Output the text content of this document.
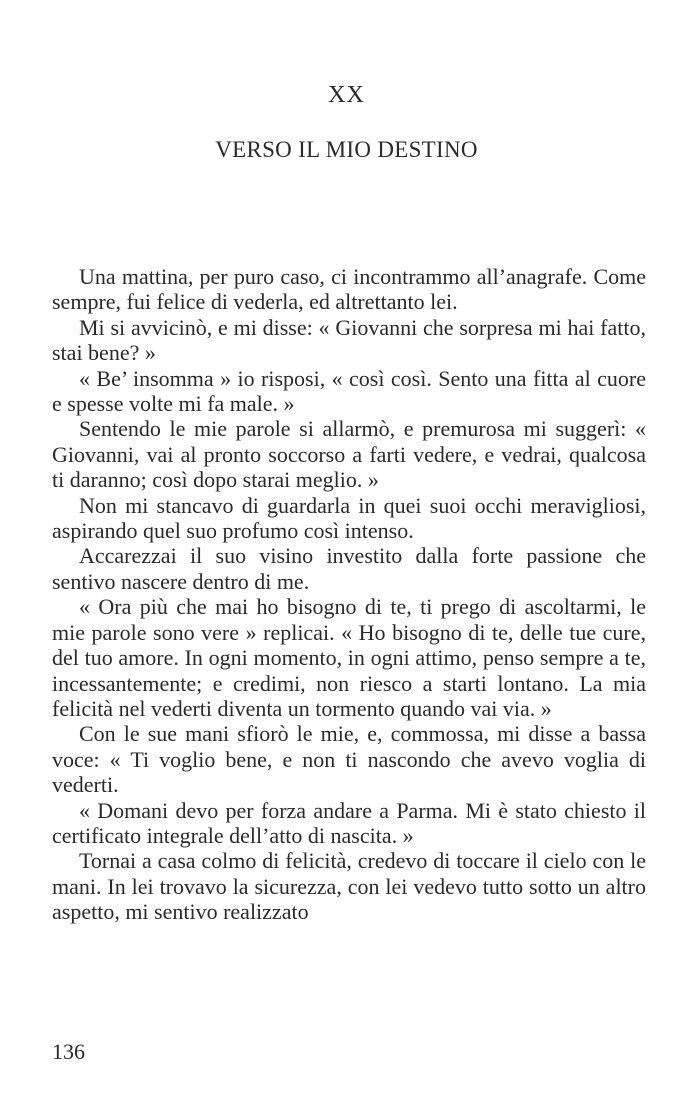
XX
VERSO IL MIO DESTINO

Una mattina, per puro caso, ci incontrammo all’anagrafe. Come sempre, fui felice di vederla, ed altrettanto lei.

Mi si avvicinò, e mi disse: « Giovanni che sorpresa mi hai fatto, stai bene? »

« Be’ insomma » io risposi, « così così. Sento una fitta al cuore e spesse volte mi fa male. »

Sentendo le mie parole si allarmò, e premurosa mi suggerì: « Giovanni, vai al pronto soccorso a farti vedere, e vedrai, qualcosa ti daranno; così dopo starai meglio. »

Non mi stancavo di guardarla in quei suoi occhi meravigliosi, aspirando quel suo profumo così intenso.

Accarezzai il suo visino investito dalla forte passione che sentivo nascere dentro di me.

« Ora più che mai ho bisogno di te, ti prego di ascoltarmi, le mie parole sono vere » replicai. « Ho bisogno di te, delle tue cure, del tuo amore. In ogni momento, in ogni attimo, penso sempre a te, incessantemente; e credimi, non riesco a starti lontano. La mia felicità nel vederti diventa un tormento quando vai via. »

Con le sue mani sfiorò le mie, e, commossa, mi disse a bassa voce: « Ti voglio bene, e non ti nascondo che avevo voglia di vederti.

« Domani devo per forza andare a Parma. Mi è stato chiesto il certificato integrale dell’atto di nascita. »

Tornai a casa colmo di felicità, credevo di toccare il cielo con le mani. In lei trovavo la sicurezza, con lei vedevo tutto sotto un altro aspetto, mi sentivo realizzato

136
